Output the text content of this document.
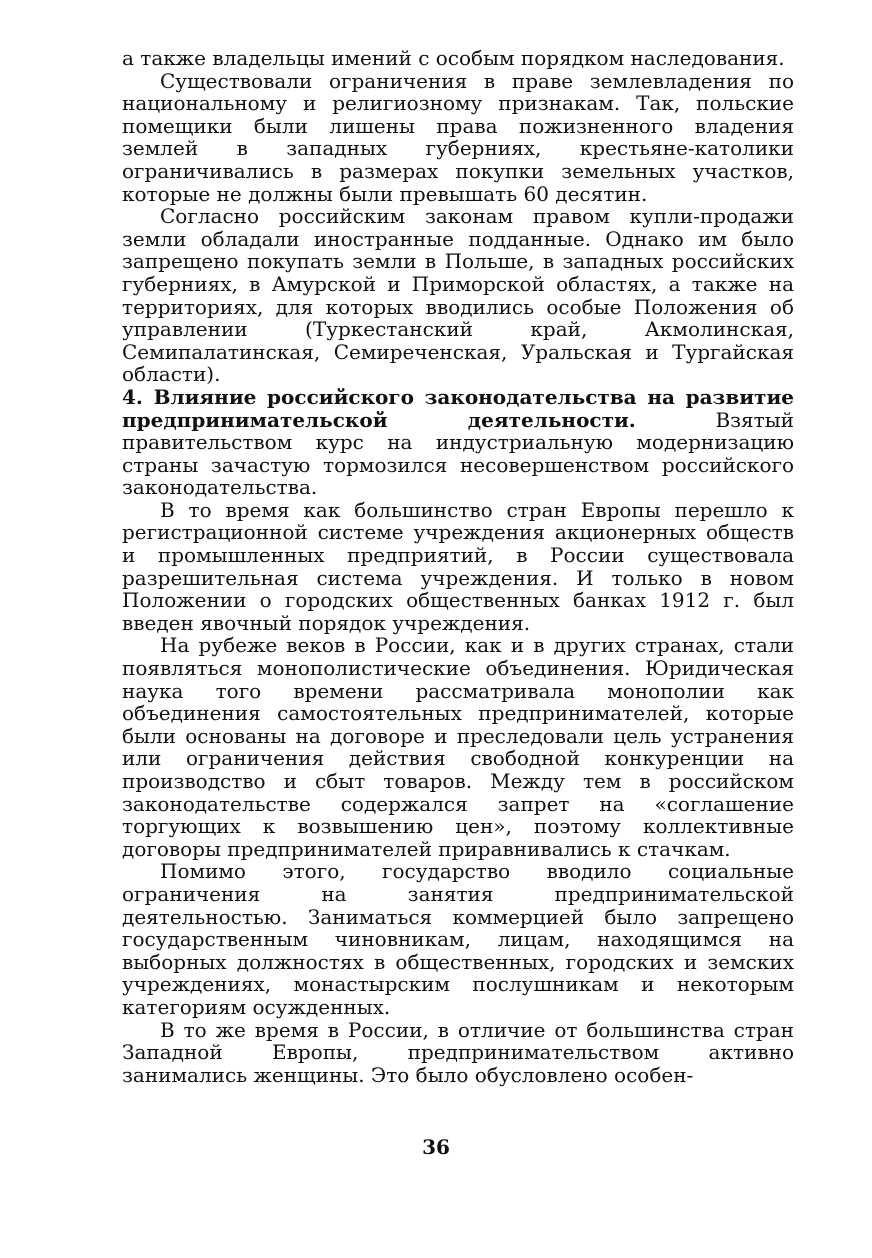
а также владельцы имений с особым порядком наследования.

Существовали ограничения в праве землевладения по национальному и религиозному признакам. Так, польские помещики были лишены права пожизненного владения землей в западных губерниях, крестьяне-католики ограничивались в размерах покупки земельных участков, которые не должны были превышать 60 десятин.

Согласно российским законам правом купли-продажи земли обладали иностранные подданные. Однако им было запрещено покупать земли в Польше, в западных российских губерниях, в Амурской и Приморской областях, а также на территориях, для которых вводились особые Положения об управлении (Туркестанский край, Акмолинская, Семипалатинская, Семиреченская, Уральская и Тургайская области).

4. Влияние российского законодательства на развитие предпринимательской деятельности.	Взятый правительством курс на индустриальную модернизацию страны зачастую тормозился несовершенством российского законодательства.

В то время как большинство стран Европы перешло к регистрационной системе учреждения акционерных обществ и промышленных предприятий, в России существовала разрешительная система учреждения. И только в новом Положении о городских общественных банках 1912 г. был введен явочный порядок учреждения.

На рубеже веков в России, как и в других странах, стали появляться монополистические объединения. Юридическая наука того времени рассматривала монополии как объединения самостоятельных предпринимателей, которые были основаны на договоре и преследовали цель устранения или ограничения действия свободной конкуренции на производство и сбыт товаров. Между тем в российском законодательстве содержался запрет на «соглашение торгующих к возвышению цен», поэтому коллективные договоры предпринимателей приравнивались к стачкам.

Помимо этого, государство вводило социальные ограничения на занятия предпринимательской деятельностью. Заниматься коммерцией было запрещено государственным чиновникам, лицам, находящимся на выборных должностях в общественных, городских и земских учреждениях, монастырским послушникам и некоторым категориям осужденных.

В то же время в России, в отличие от большинства стран Западной Европы, предпринимательством активно занимались женщины. Это было обусловлено особен-

36
